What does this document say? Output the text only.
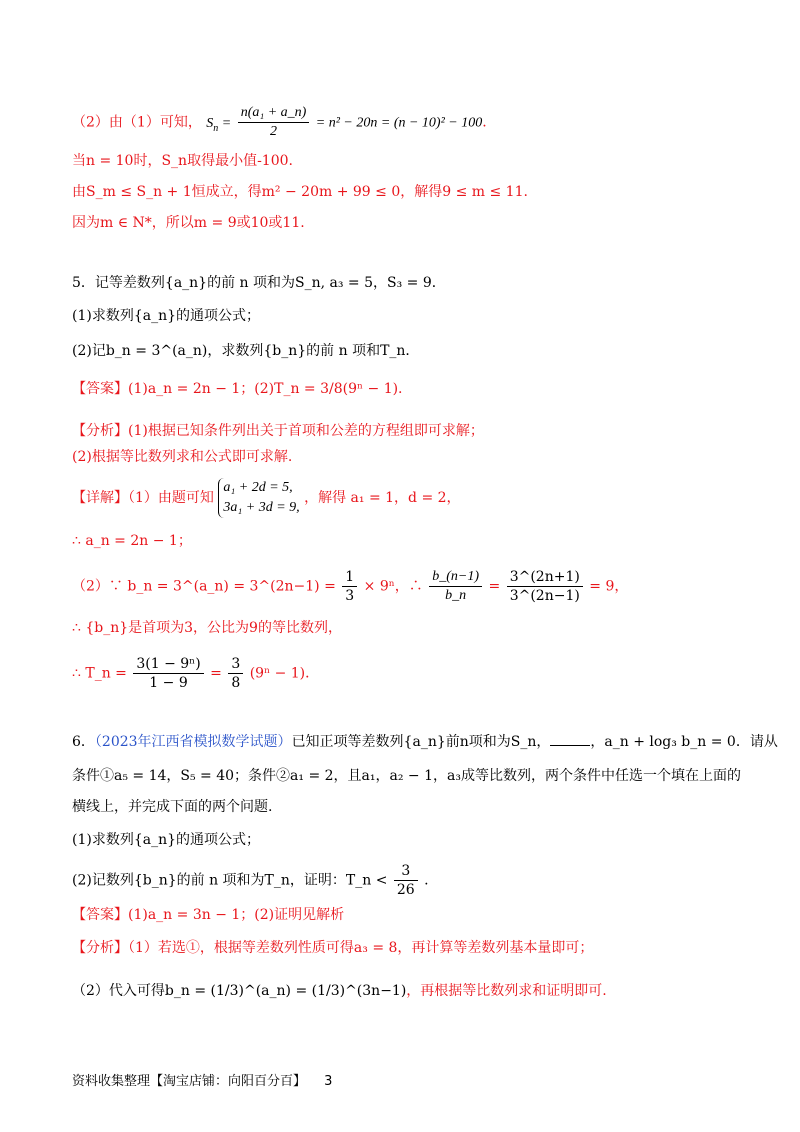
（2）由（1）可知， $S_n = \frac{\text{n(a₁ + a\_n)}}{2} = n^2 - 20n = (n - 10)^2 - 100$.
当n = 10时，S_n取得最小值-100.
由S_m ≤ S_n + 1恒成立，得m² − 20m + 99 ≤ 0，解得9 ≤ m ≤ 11.
因为m ∈ N*，所以m = 9或10或11.
5．记等差数列{a_n}的前 n 项和为S_n, a₃ = 5，S₃ = 9．
(1)求数列{a_n}的通项公式；
(2)记b_n = 3^(a_n)，求数列{b_n}的前 n 项和T_n．
【答案】(1)a_n = 2n − 1；(2)T_n = 3/8(9ⁿ − 1).
【分析】(1)根据已知条件列出关于首项和公差的方程组即可求解；
(2)根据等比数列求和公式即可求解.
【详解】（1）由题可知
a₁ + 2d = 5,
3a₁ + 3d = 9,
，解得 a₁ = 1，d = 2，
∴ a_n = 2n − 1；
（2）∵ b_n = 3^(a_n) = 3^(2n−1) = $\frac{1}{3} \times 9^n$，∴ $\frac{b\_(n-1)}{b\_n} = \frac{3\^{}(2n+1)}{3\^{}(2n-1)} = 9$，
∴ {b_n}是首项为3，公比为9的等比数列，
∴ T_n = $\frac{\text{3(1 − 9ⁿ)}}{1 - 9} = \frac{3}{8} (9^n - 1)$．
6．（2023年江西省模拟数学试题）已知正项等差数列{a_n}前n项和为S_n，	，a_n + log₃ b_n = 0．请从
条件①a₅ = 14，S₅ = 40；条件②a₁ = 2，且a₁，a₂ − 1，a₃成等比数列，两个条件中任选一个填在上面的
横线上，并完成下面的两个问题.
(1)求数列{a_n}的通项公式；
(2)记数列{b_n}的前 n 项和为T_n，证明：T_n < $\frac{3}{26}$ .
【答案】(1)a_n = 3n − 1；(2)证明见解析
【分析】（1）若选①，根据等差数列性质可得a₃ = 8，再计算等差数列基本量即可；
（2）代入可得b_n = (1/3)^(a_n) = (1/3)^(3n−1)，再根据等比数列求和证明即可.
资料收集整理【淘宝店铺：向阳百分百】 3
